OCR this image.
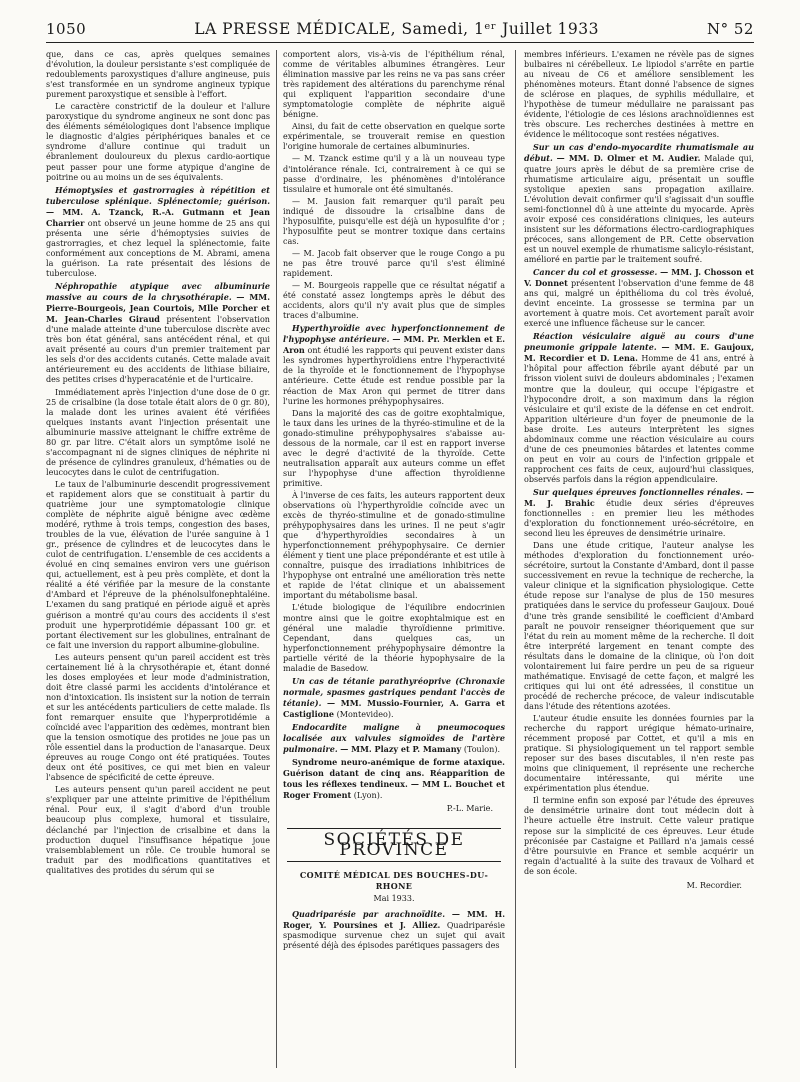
1050	LA PRESSE MÉDICALE, Samedi, 1ᵉʳ Juillet 1933	N° 52

que, dans ce cas, après quelques semaines d'évolution, la douleur persistante s'est compliquée de redoublements paroxystiques d'allure angineuse, puis s'est transformée en un syndrome angineux typique purement paroxystique et sensible à l'effort.

Le caractère constrictif de la douleur et l'allure paroxystique du syndrome angineux ne sont donc pas des éléments séméiologiques dont l'absence implique le diagnostic d'algies périphériques banales et ce syndrome d'allure continue qui traduit un ébranlement douloureux du plexus cardio-aortique peut passer pour une forme atypique d'angine de poitrine ou au moins un de ses équivalents.

Hémoptysies et gastrorragies à répétition et tuberculose splénique. Splénectomie; guérison. — MM. A. Tzanck, R.-A. Gutmann et Jean Charrier ont observé un jeune homme de 25 ans qui présenta une série d'hémoptysies suivies de gastrorragies, et chez lequel la splénectomie, faite conformément aux conceptions de M. Abrami, amena la guérison. La rate présentait des lésions de tuberculose.

Néphropathie atypique avec albuminurie massive au cours de la chrysothérapie. — MM. Pierre-Bourgeois, Jean Courtois, Mlle Porcher et M. Jean-Charles Giraud présentent l'observation d'une malade atteinte d'une tuberculose discrète avec très bon état général, sans antécédent rénal, et qui avait présenté au cours d'un premier traitement par les sels d'or des accidents cutanés. Cette malade avait antérieurement eu des accidents de lithiase biliaire, des petites crises d'hyperacaténie et de l'urticaire.

Immédiatement après l'injection d'une dose de 0 gr. 25 de crisalbine (la dose totale était alors de 0 gr. 80), la malade dont les urines avaient été vérifiées quelques instants avant l'injection présentait une albuminurie massive atteignant le chiffre extrême de 80 gr. par litre. C'était alors un symptôme isolé ne s'accompagnant ni de signes cliniques de néphrite ni de présence de cylindres granuleux, d'hématies ou de leucocytes dans le culot de centrifugation.

Le taux de l'albuminurie descendit progressivement et rapidement alors que se constituait à partir du quatrième jour une symptomatologie clinique complète de néphrite aiguë bénigne avec œdème modéré, rythme à trois temps, congestion des bases, troubles de la vue, élévation de l'urée sanguine à 1 gr., présence de cylindres et de leucocytes dans le culot de centrifugation. L'ensemble de ces accidents a évolué en cinq semaines environ vers une guérison qui, actuellement, est à peu près complète, et dont la réalité a été vérifiée par la mesure de la constante d'Ambard et l'épreuve de la phénolsulfonephtaléine. L'examen du sang pratiqué en période aiguë et après guérison a montré qu'au cours des accidents il s'est produit une hyperprotidémie dépassant 100 gr. et portant électivement sur les globulines, entraînant de ce fait une inversion du rapport albumine-globuline.

Les auteurs pensent qu'un pareil accident est très certainement lié à la chrysothérapie et, étant donné les doses employées et leur mode d'administration, doit être classé parmi les accidents d'intolérance et non d'intoxication. Ils insistent sur la notion de terrain et sur les antécédents particuliers de cette malade. Ils font remarquer ensuite que l'hyperprotidémie a coïncidé avec l'apparition des œdèmes, montrant bien que la tension osmotique des protides ne joue pas un rôle essentiel dans la production de l'anasarque. Deux épreuves au rouge Congo ont été pratiquées. Toutes deux ont été positives, ce qui met bien en valeur l'absence de spécificité de cette épreuve.

Les auteurs pensent qu'un pareil accident ne peut s'expliquer par une atteinte primitive de l'épithélium rénal. Pour eux, il s'agit d'abord d'un trouble beaucoup plus complexe, humoral et tissulaire, déclanché par l'injection de crisalbine et dans la production duquel l'insuffisance hépatique joue vraisemblablement un rôle. Ce trouble humoral se traduit par des modifications quantitatives et qualitatives des protides du sérum qui se

comportent alors, vis-à-vis de l'épithélium rénal, comme de véritables albumines étrangères. Leur élimination massive par les reins ne va pas sans créer très rapidement des altérations du parenchyme rénal qui expliquent l'apparition secondaire d'une symptomatologie complète de néphrite aiguë bénigne.

Ainsi, du fait de cette observation en quelque sorte expérimentale, se trouverait remise en question l'origine humorale de certaines albuminuries.

— M. Tzanck estime qu'il y a là un nouveau type d'intolérance rénale. Ici, contrairement à ce qui se passe d'ordinaire, les phénomènes d'intolérance tissulaire et humorale ont été simultanés.

— M. Jausion fait remarquer qu'il paraît peu indiqué de dissoudre la crisalbine dans de l'hyposulfite, puisqu'elle est déjà un hyposulfite d'or ; l'hyposulfite peut se montrer toxique dans certains cas.

— M. Jacob fait observer que le rouge Congo a pu ne pas être trouvé parce qu'il s'est éliminé rapidement.

— M. Bourgeois rappelle que ce résultat négatif a été constaté assez longtemps après le début des accidents, alors qu'il n'y avait plus que de simples traces d'albumine.

Hyperthyroïdie avec hyperfonctionnement de l'hypophyse antérieure. — MM. Pr. Merklen et E. Aron ont étudié les rapports qui peuvent exister dans les syndromes hyperthyroïdiens entre l'hyperactivité de la thyroïde et le fonctionnement de l'hypophyse antérieure. Cette étude est rendue possible par la réaction de Max Aron qui permet de titrer dans l'urine les hormones préhypophysaires.

Dans la majorité des cas de goitre exophtalmique, le taux dans les urines de la thyréo-stimuline et de la gonado-stimuline préhypophysaires s'abaisse au-dessous de la normale, car il est en rapport inverse avec le degré d'activité de la thyroïde. Cette neutralisation apparaît aux auteurs comme un effet sur l'hypophyse d'une affection thyroïdienne primitive.

À l'inverse de ces faits, les auteurs rapportent deux observations où l'hyperthyroïdie coïncide avec un excès de thyréo-stimuline et de gonado-stimuline préhypophysaires dans les urines. Il ne peut s'agir que d'hyperthyroïdies secondaires à un hyperfonctionnement préhypophysaire. Ce dernier élément y tient une place prépondérante et est utile à connaître, puisque des irradiations inhibitrices de l'hypophyse ont entraîné une amélioration très nette et rapide de l'état clinique et un abaissement important du métabolisme basal.

L'étude biologique de l'équilibre endocrinien montre ainsi que le goitre exophtalmique est en général une maladie thyroïdienne primitive. Cependant, dans quelques cas, un hyperfonctionnement préhypophysaire démontre la partielle vérité de la théorie hypophysaire de la maladie de Basedow.

Un cas de tétanie parathyréoprive (Chronaxie normale, spasmes gastriques pendant l'accès de tétanie). — MM. Mussio-Fournier, A. Garra et Castiglione (Montevideo).

Endocardite maligne à pneumocoques localisée aux valvules sigmoïdes de l'artère pulmonaire. — MM. Plazy et P. Mamany (Toulon).

Syndrome neuro-anémique de forme ataxique. Guérison datant de cinq ans. Réapparition de tous les réflexes tendineux. — MM L. Bouchet et Roger Froment (Lyon).

P.-L. Marie.
SOCIÉTÉS DE PROVINCE
COMITÉ MÉDICAL DES BOUCHES-DU-RHONE
Mai 1933.

Quadriparésie par arachnoïdite. — MM. H. Roger, Y. Poursines et J. Alliez. Quadriparésie spasmodique survenue chez un sujet qui avait présenté déjà des épisodes parétiques passagers des

membres inférieurs. L'examen ne révèle pas de signes bulbaires ni cérébelleux. Le lipiodol s'arrête en partie au niveau de C6 et améliore sensiblement les phénomènes moteurs. Étant donné l'absence de signes de sclérose en plaques, de syphilis médullaire, et l'hypothèse de tumeur médullaire ne paraissant pas évidente, l'étiologie de ces lésions arachnoïdiennes est très obscure. Les recherches destinées à mettre en évidence le mélitocoque sont restées négatives.

Sur un cas d'endo-myocardite rhumatismale au début. — MM. D. Olmer et M. Audier. Malade qui, quatre jours après le début de sa première crise de rhumatisme articulaire aigu, présentait un souffle systolique apexien sans propagation axillaire. L'évolution devait confirmer qu'il s'agissait d'un souffle semi-fonctionnel dû à une atteinte du myocarde. Après avoir exposé ces considérations cliniques, les auteurs insistent sur les déformations électro-cardiographiques précoces, sans allongement de P.R. Cette observation est un nouvel exemple de rhumatisme salicylo-résistant, amélioré en partie par le traitement soufré.

Cancer du col et grossesse. — MM. J. Chosson et V. Donnet présentent l'observation d'une femme de 48 ans qui, malgré un épithélioma du col très évolué, devint enceinte. La grossesse se termina par un avortement à quatre mois. Cet avortement paraît avoir exercé une influence fâcheuse sur le cancer.

Réaction vésiculaire aiguë au cours d'une pneumonie grippale latente. — MM. E. Gaujoux, M. Recordier et D. Lena. Homme de 41 ans, entré à l'hôpital pour affection fébrile ayant débuté par un frisson violent suivi de douleurs abdominales ; l'examen montre que la douleur, qui occupe l'épigastre et l'hypocondre droit, a son maximum dans la région vésiculaire et qu'il existe de la défense en cet endroit. Apparition ultérieure d'un foyer de pneumonie de la base droite. Les auteurs interprètent les signes abdominaux comme une réaction vésiculaire au cours d'une de ces pneumonies bâtardes et latentes comme on peut en voir au cours de l'infection grippale et rapprochent ces faits de ceux, aujourd'hui classiques, observés parfois dans la région appendiculaire.

Sur quelques épreuves fonctionnelles rénales. — M. J. Brahic étudie deux séries d'épreuves fonctionnelles : en premier lieu les méthodes d'exploration du fonctionnement uréo-sécrétoire, en second lieu les épreuves de densimétrie urinaire.

Dans une étude critique, l'auteur analyse les méthodes d'exploration du fonctionnement uréo-sécrétoire, surtout la Constante d'Ambard, dont il passe successivement en revue la technique de recherche, la valeur clinique et la signification physiologique. Cette étude repose sur l'analyse de plus de 150 mesures pratiquées dans le service du professeur Gaujoux. Doué d'une très grande sensibilité le coefficient d'Ambard paraît ne pouvoir renseigner théoriquement que sur l'état du rein au moment même de la recherche. Il doit être interprété largement en tenant compte des résultats dans le domaine de la clinique, où l'on doit volontairement lui faire perdre un peu de sa rigueur mathématique. Envisagé de cette façon, et malgré les critiques qui lui ont été adressées, il constitue un procédé de recherche précoce, de valeur indiscutable dans l'étude des rétentions azotées.

L'auteur étudie ensuite les données fournies par la recherche du rapport urégique hémato-urinaire, récemment proposé par Cottet, et qu'il a mis en pratique. Si physiologiquement un tel rapport semble reposer sur des bases discutables, il n'en reste pas moins que cliniquement, il représente une recherche documentaire intéressante, qui mérite une expérimentation plus étendue.

Il termine enfin son exposé par l'étude des épreuves de densimétrie urinaire dont tout médecin doit à l'heure actuelle être instruit. Cette valeur pratique repose sur la simplicité de ces épreuves. Leur étude préconisée par Castaigne et Paillard n'a jamais cessé d'être poursuivie en France et semble acquérir un regain d'actualité à la suite des travaux de Volhard et de son école.

M. Recordier.
